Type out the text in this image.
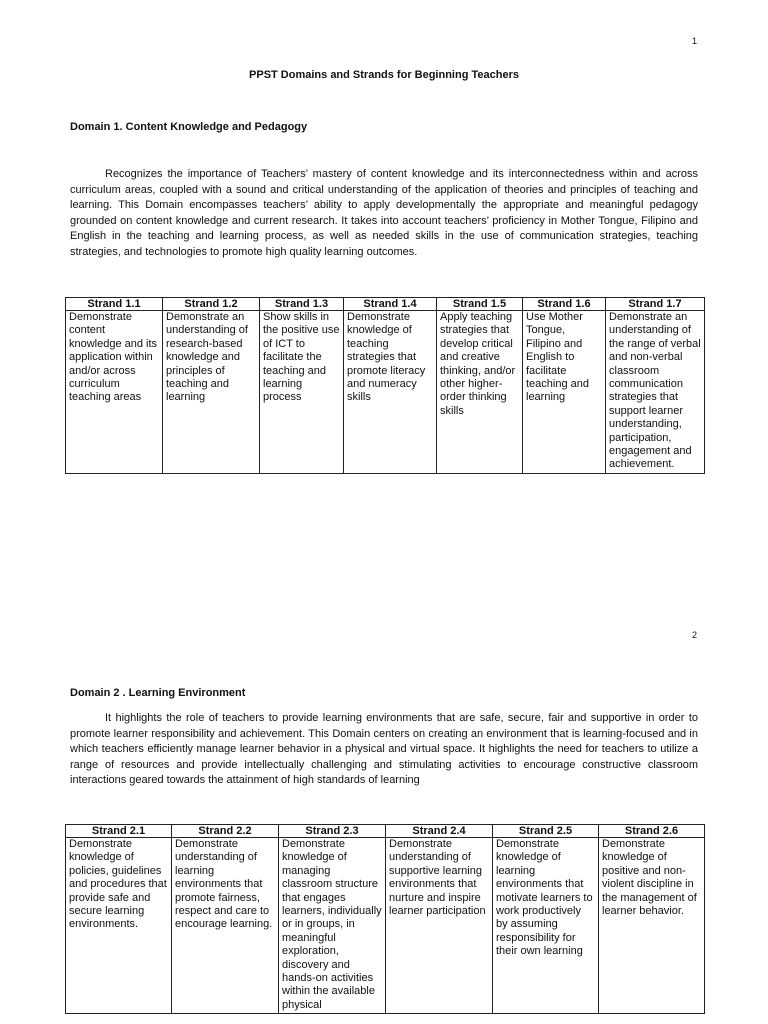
1
PPST Domains and Strands for Beginning Teachers
Domain 1. Content Knowledge and Pedagogy

Recognizes the importance of Teachers’ mastery of content knowledge and its interconnectedness within and across curriculum areas, coupled with a sound and critical understanding of the application of theories and principles of teaching and learning. This Domain encompasses teachers’ ability to apply developmentally the appropriate and meaningful pedagogy grounded on content knowledge and current research. It takes into account teachers’ proficiency in Mother Tongue, Filipino and English in the teaching and learning process, as well as needed skills in the use of communication strategies, teaching strategies, and technologies to promote high quality learning outcomes.

Strand 1.1	Strand 1.2	Strand 1.3	Strand 1.4	Strand 1.5	Strand 1.6	Strand 1.7
Demonstrate content knowledge and its application within and/or across curriculum teaching areas	Demonstrate an understanding of research-based knowledge and principles of teaching and learning	Show skills in the positive use of ICT to facilitate the teaching and learning process	Demonstrate knowledge of teaching strategies that promote literacy and numeracy skills	Apply teaching strategies that develop critical and creative thinking, and/or other higher-order thinking skills	Use Mother Tongue, Filipino and English to facilitate teaching and learning	Demonstrate an understanding of the range of verbal and non-verbal classroom communication strategies that support learner understanding, participation, engagement and achievement.
2
Domain 2 . Learning Environment

It highlights the role of teachers to provide learning environments that are safe, secure, fair and supportive in order to promote learner responsibility and achievement. This Domain centers on creating an environment that is learning-focused and in which teachers efficiently manage learner behavior in a physical and virtual space. It highlights the need for teachers to utilize a range of resources and provide intellectually challenging and stimulating activities to encourage constructive classroom interactions geared towards the attainment of high standards of learning

Strand 2.1	Strand 2.2	Strand 2.3	Strand 2.4	Strand 2.5	Strand 2.6
Demonstrate knowledge of policies, guidelines and procedures that provide safe and secure learning environments.	Demonstrate understanding of learning environments that promote fairness, respect and care to encourage learning.	Demonstrate knowledge of managing classroom structure that engages learners, individually or in groups, in meaningful exploration, discovery and hands-on activities within the available physical	Demonstrate understanding of supportive learning environments that nurture and inspire learner participation	Demonstrate knowledge of learning environments that motivate learners to work productively by assuming responsibility for their own learning	Demonstrate knowledge of positive and non-violent discipline in the management of learner behavior.
